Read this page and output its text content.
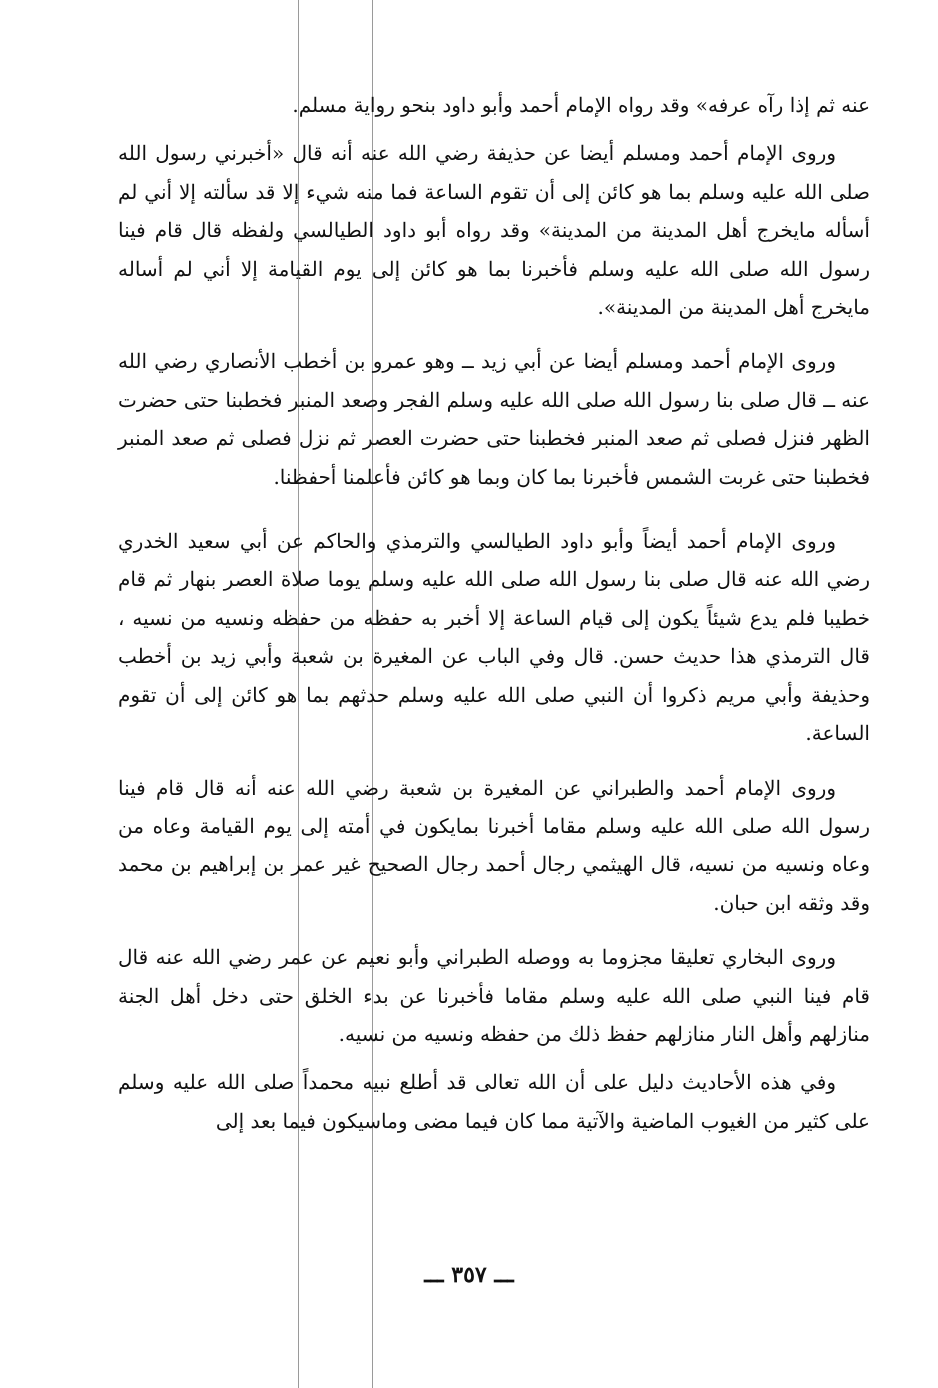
عنه ثم إذا رآه عرفه» وقد رواه الإمام أحمد وأبو داود بنحو رواية مسلم.

وروى الإمام أحمد ومسلم أيضا عن حذيفة رضي الله عنه أنه قال «أخبرني رسول الله صلى الله عليه وسلم بما هو كائن إلى أن تقوم الساعة فما منه شيء إلا قد سألته إلا أني لم أسأله مايخرج أهل المدينة من المدينة» وقد رواه أبو داود الطيالسي ولفظه قال قام فينا رسول الله صلى الله عليه وسلم فأخبرنا بما هو كائن إلى يوم القيامة إلا أني لم أساله مايخرج أهل المدينة من المدينة».

وروى الإمام أحمد ومسلم أيضا عن أبي زيد ــ وهو عمرو بن أخطب الأنصاري رضي الله عنه ــ قال صلى بنا رسول الله صلى الله عليه وسلم الفجر وصعد المنبر فخطبنا حتى حضرت الظهر فنزل فصلى ثم صعد المنبر فخطبنا حتى حضرت العصر ثم نزل فصلى ثم صعد المنبر فخطبنا حتى غربت الشمس فأخبرنا بما كان وبما هو كائن فأعلمنا أحفظنا.

وروى الإمام أحمد أيضاً وأبو داود الطيالسي والترمذي والحاكم عن أبي سعيد الخدري رضي الله عنه قال صلى بنا رسول الله صلى الله عليه وسلم يوما صلاة العصر بنهار ثم قام خطيبا فلم يدع شيئاً يكون إلى قيام الساعة إلا أخبر به حفظه من حفظه ونسيه من نسيه ، قال الترمذي هذا حديث حسن. قال وفي الباب عن المغيرة بن شعبة وأبي زيد بن أخطب وحذيفة وأبي مريم ذكروا أن النبي صلى الله عليه وسلم حدثهم بما هو كائن إلى أن تقوم الساعة.

وروى الإمام أحمد والطبراني عن المغيرة بن شعبة رضي الله عنه أنه قال قام فينا رسول الله صلى الله عليه وسلم مقاما أخبرنا بمايكون في أمته إلى يوم القيامة وعاه من وعاه ونسيه من نسيه، قال الهيثمي رجال أحمد رجال الصحيح غير عمر بن إبراهيم بن محمد وقد وثقه ابن حبان.

وروى البخاري تعليقا مجزوما به ووصله الطبراني وأبو نعيم عن عمر رضي الله عنه قال قام فينا النبي صلى الله عليه وسلم مقاما فأخبرنا عن بدء الخلق حتى دخل أهل الجنة منازلهم وأهل النار منازلهم حفظ ذلك من حفظه ونسيه من نسيه.

وفي هذه الأحاديث دليل على أن الله تعالى قد أطلع نبيه محمداً صلى الله عليه وسلم على كثير من الغيوب الماضية والآتية مما كان فيما مضى وماسيكون فيما بعد إلى

ـــ ٣٥٧ ـــ
